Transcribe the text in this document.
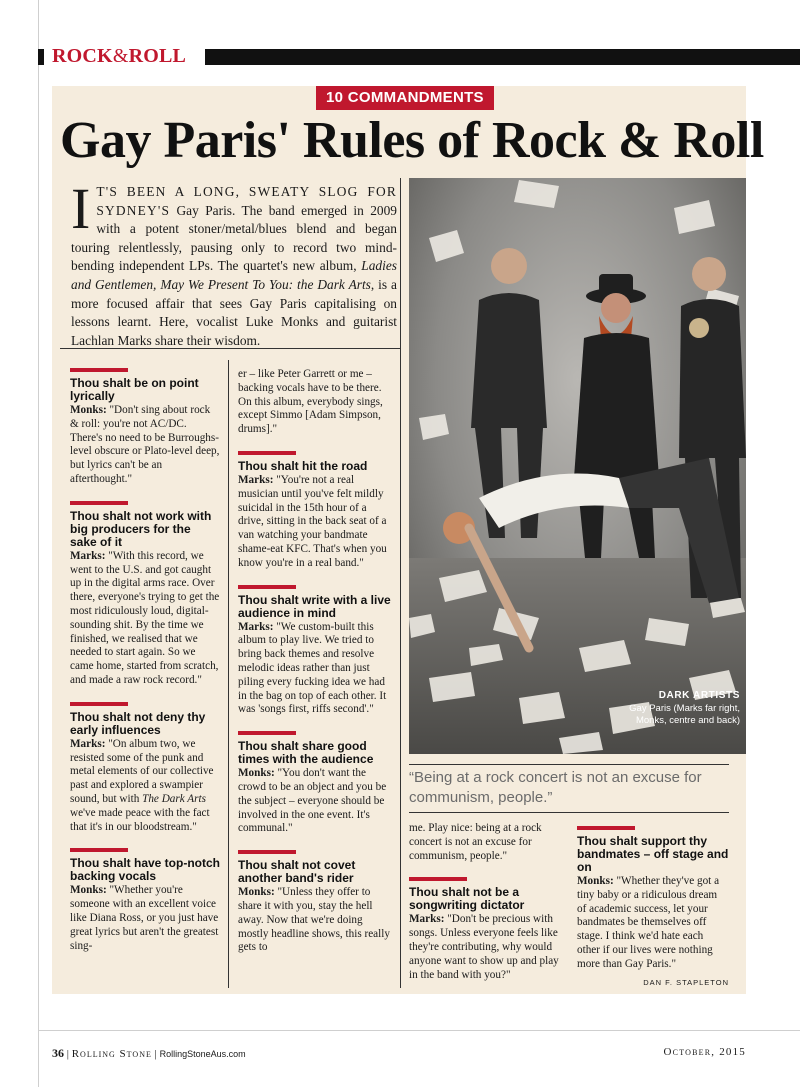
ROCK&ROLL
10 COMMANDMENTS
Gay Paris' Rules of Rock & Roll
I T'S BEEN A LONG, SWEATY SLOG FOR SYDNEY'S Gay Paris. The band emerged in 2009 with a potent stoner/metal/blues blend and began touring relentlessly, pausing only to record two mind-bending independent LPs. The quartet's new album, Ladies and Gentlemen, May We Present To You: the Dark Arts, is a more focused affair that sees Gay Paris capitalising on lessons learnt. Here, vocalist Luke Monks and guitarist Lachlan Marks share their wisdom.
DARK ARTISTS
Gay Paris (Marks far right, Monks, centre and back)
“Being at a rock concert is not an excuse for communism, people.”
Thou shalt be on point lyrically

Monks: "Don't sing about rock & roll: you're not AC/DC. There's no need to be Burroughs-level obscure or Plato-level deep, but lyrics can't be an afterthought."

Thou shalt not work with big producers for the sake of it

Marks: "With this record, we went to the U.S. and got caught up in the digital arms race. Over there, everyone's trying to get the most ridiculously loud, digital-sounding shit. By the time we finished, we realised that we needed to start again. So we came home, started from scratch, and made a raw rock record."

Thou shalt not deny thy early influences

Marks: "On album two, we resisted some of the punk and metal elements of our collective past and explored a swampier sound, but with The Dark Arts we've made peace with the fact that it's in our bloodstream."

Thou shalt have top-notch backing vocals

Monks: "Whether you're someone with an excellent voice like Diana Ross, or you just have great lyrics but aren't the greatest sing-

er – like Peter Garrett or me – backing vocals have to be there. On this album, everybody sings, except Simmo [Adam Simpson, drums]."

Thou shalt hit the road

Marks: "You're not a real musician until you've felt mildly suicidal in the 15th hour of a drive, sitting in the back seat of a van watching your bandmate shame-eat KFC. That's when you know you're in a real band."

Thou shalt write with a live audience in mind

Marks: "We custom-built this album to play live. We tried to bring back themes and resolve melodic ideas rather than just piling every fucking idea we had in the bag on top of each other. It was 'songs first, riffs second'."

Thou shalt share good times with the audience

Monks: "You don't want the crowd to be an object and you be the subject – everyone should be involved in the one event. It's communal."

Thou shalt not covet another band's rider

Monks: "Unless they offer to share it with you, stay the hell away. Now that we're doing mostly headline shows, this really gets to

me. Play nice: being at a rock concert is not an excuse for communism, people."

Thou shalt not be a songwriting dictator

Marks: "Don't be precious with songs. Unless everyone feels like they're contributing, why would anyone want to show up and play in the band with you?"

Thou shalt support thy bandmates – off stage and on

Monks: "Whether they've got a tiny baby or a ridiculous dream of academic success, let your bandmates be themselves off stage. I think we'd hate each other if our lives were nothing more than Gay Paris."

DAN F. STAPLETON
36 | Rolling Stone | RollingStoneAus.com	October, 2015
